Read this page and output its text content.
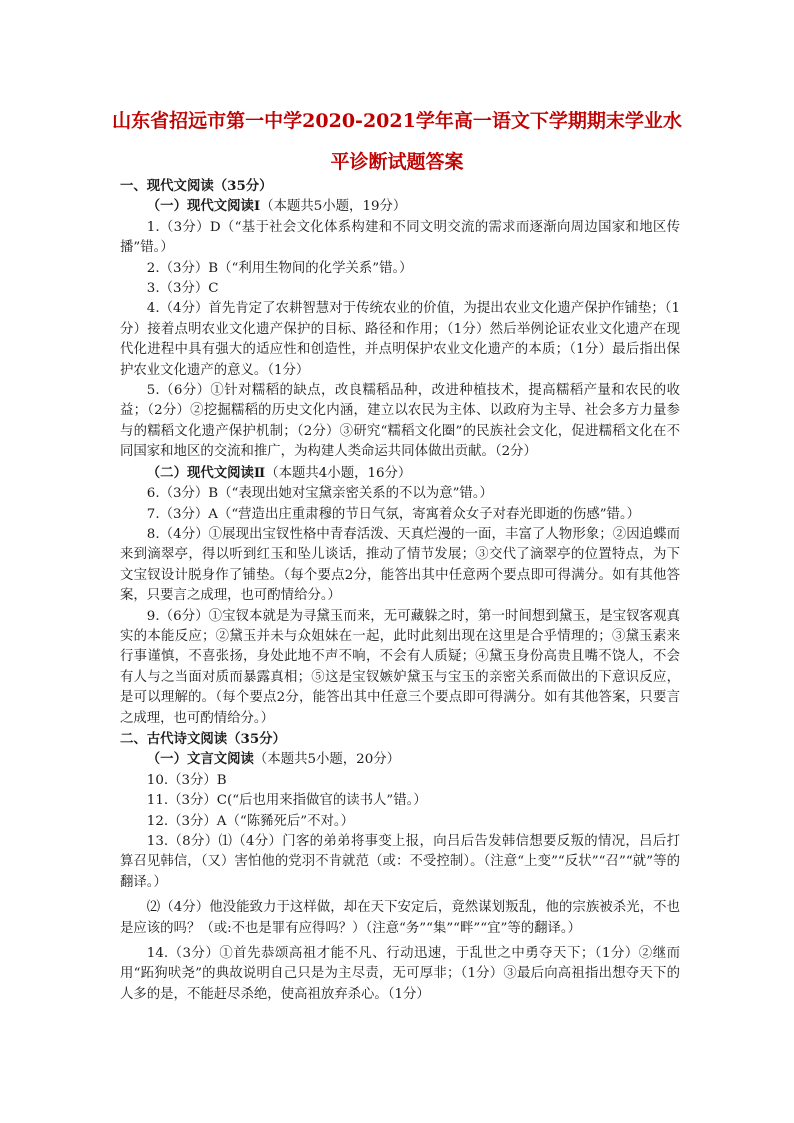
山东省招远市第一中学2020-2021学年高一语文下学期期末学业水
平诊断试题答案

一、现代文阅读（35分）

（一）现代文阅读Ⅰ（本题共5小题，19分）

1.（3分）D（“基于社会文化体系构建和不同文明交流的需求而逐渐向周边国家和地区传播”错。）

2.（3分）B（“利用生物间的化学关系”错。）

3.（3分）C

4.（4分）首先肯定了农耕智慧对于传统农业的价值，为提出农业文化遗产保护作铺垫；（1分）接着点明农业文化遗产保护的目标、路径和作用；（1分）然后举例论证农业文化遗产在现代化进程中具有强大的适应性和创造性，并点明保护农业文化遗产的本质；（1分）最后指出保护农业文化遗产的意义。（1分）

5.（6分）①针对糯稻的缺点，改良糯稻品种，改进种植技术，提高糯稻产量和农民的收益；（2分）②挖掘糯稻的历史文化内涵，建立以农民为主体、以政府为主导、社会多方力量参与的糯稻文化遗产保护机制；（2分）③研究“糯稻文化圈”的民族社会文化，促进糯稻文化在不同国家和地区的交流和推广，为构建人类命运共同体做出贡献。（2分）

（二）现代文阅读Ⅱ（本题共4小题，16分）

6.（3分）B（“表现出她对宝黛亲密关系的不以为意”错。）

7.（3分）A（“营造出庄重肃穆的节日气氛，寄寓着众女子对春光即逝的伤感”错。）

8.（4分）①展现出宝钗性格中青春活泼、天真烂漫的一面，丰富了人物形象；②因追蝶而来到滴翠亭，得以听到红玉和坠儿谈话，推动了情节发展；③交代了滴翠亭的位置特点，为下文宝钗设计脱身作了铺垫。（每个要点2分，能答出其中任意两个要点即可得满分。如有其他答案，只要言之成理，也可酌情给分。）

9.（6分）①宝钗本就是为寻黛玉而来，无可藏躲之时，第一时间想到黛玉，是宝钗客观真实的本能反应；②黛玉并未与众姐妹在一起，此时此刻出现在这里是合乎情理的；③黛玉素来行事谨慎，不喜张扬，身处此地不声不响，不会有人质疑；④黛玉身份高贵且嘴不饶人，不会有人与之当面对质而暴露真相；⑤这是宝钗嫉妒黛玉与宝玉的亲密关系而做出的下意识反应，是可以理解的。（每个要点2分，能答出其中任意三个要点即可得满分。如有其他答案，只要言之成理，也可酌情给分。）

二、古代诗文阅读（35分）

（一）文言文阅读（本题共5小题，20分）

10.（3分）B

11.（3分）C(“后也用来指做官的读书人”错。）

12.（3分）A（“陈豨死后”不对。）

13.（8分）⑴（4分）门客的弟弟将事变上报，向吕后告发韩信想要反叛的情况，吕后打算召见韩信，（又）害怕他的党羽不肯就范（或：不受控制）。（注意“上变”“反状”“召”“就”等的翻译。）

⑵（4分）他没能致力于这样做，却在天下安定后，竟然谋划叛乱，他的宗族被杀光，不也是应该的吗？（或:不也是罪有应得吗？）（注意“务”“集”“畔”“宜”等的翻译。）

14.（3分）①首先恭颂高祖才能不凡、行动迅速，于乱世之中勇夺天下；（1分）②继而用“跖狗吠尧”的典故说明自己只是为主尽责，无可厚非；（1分）③最后向高祖指出想夺天下的人多的是，不能赶尽杀绝，使高祖放弃杀心。（1分）
